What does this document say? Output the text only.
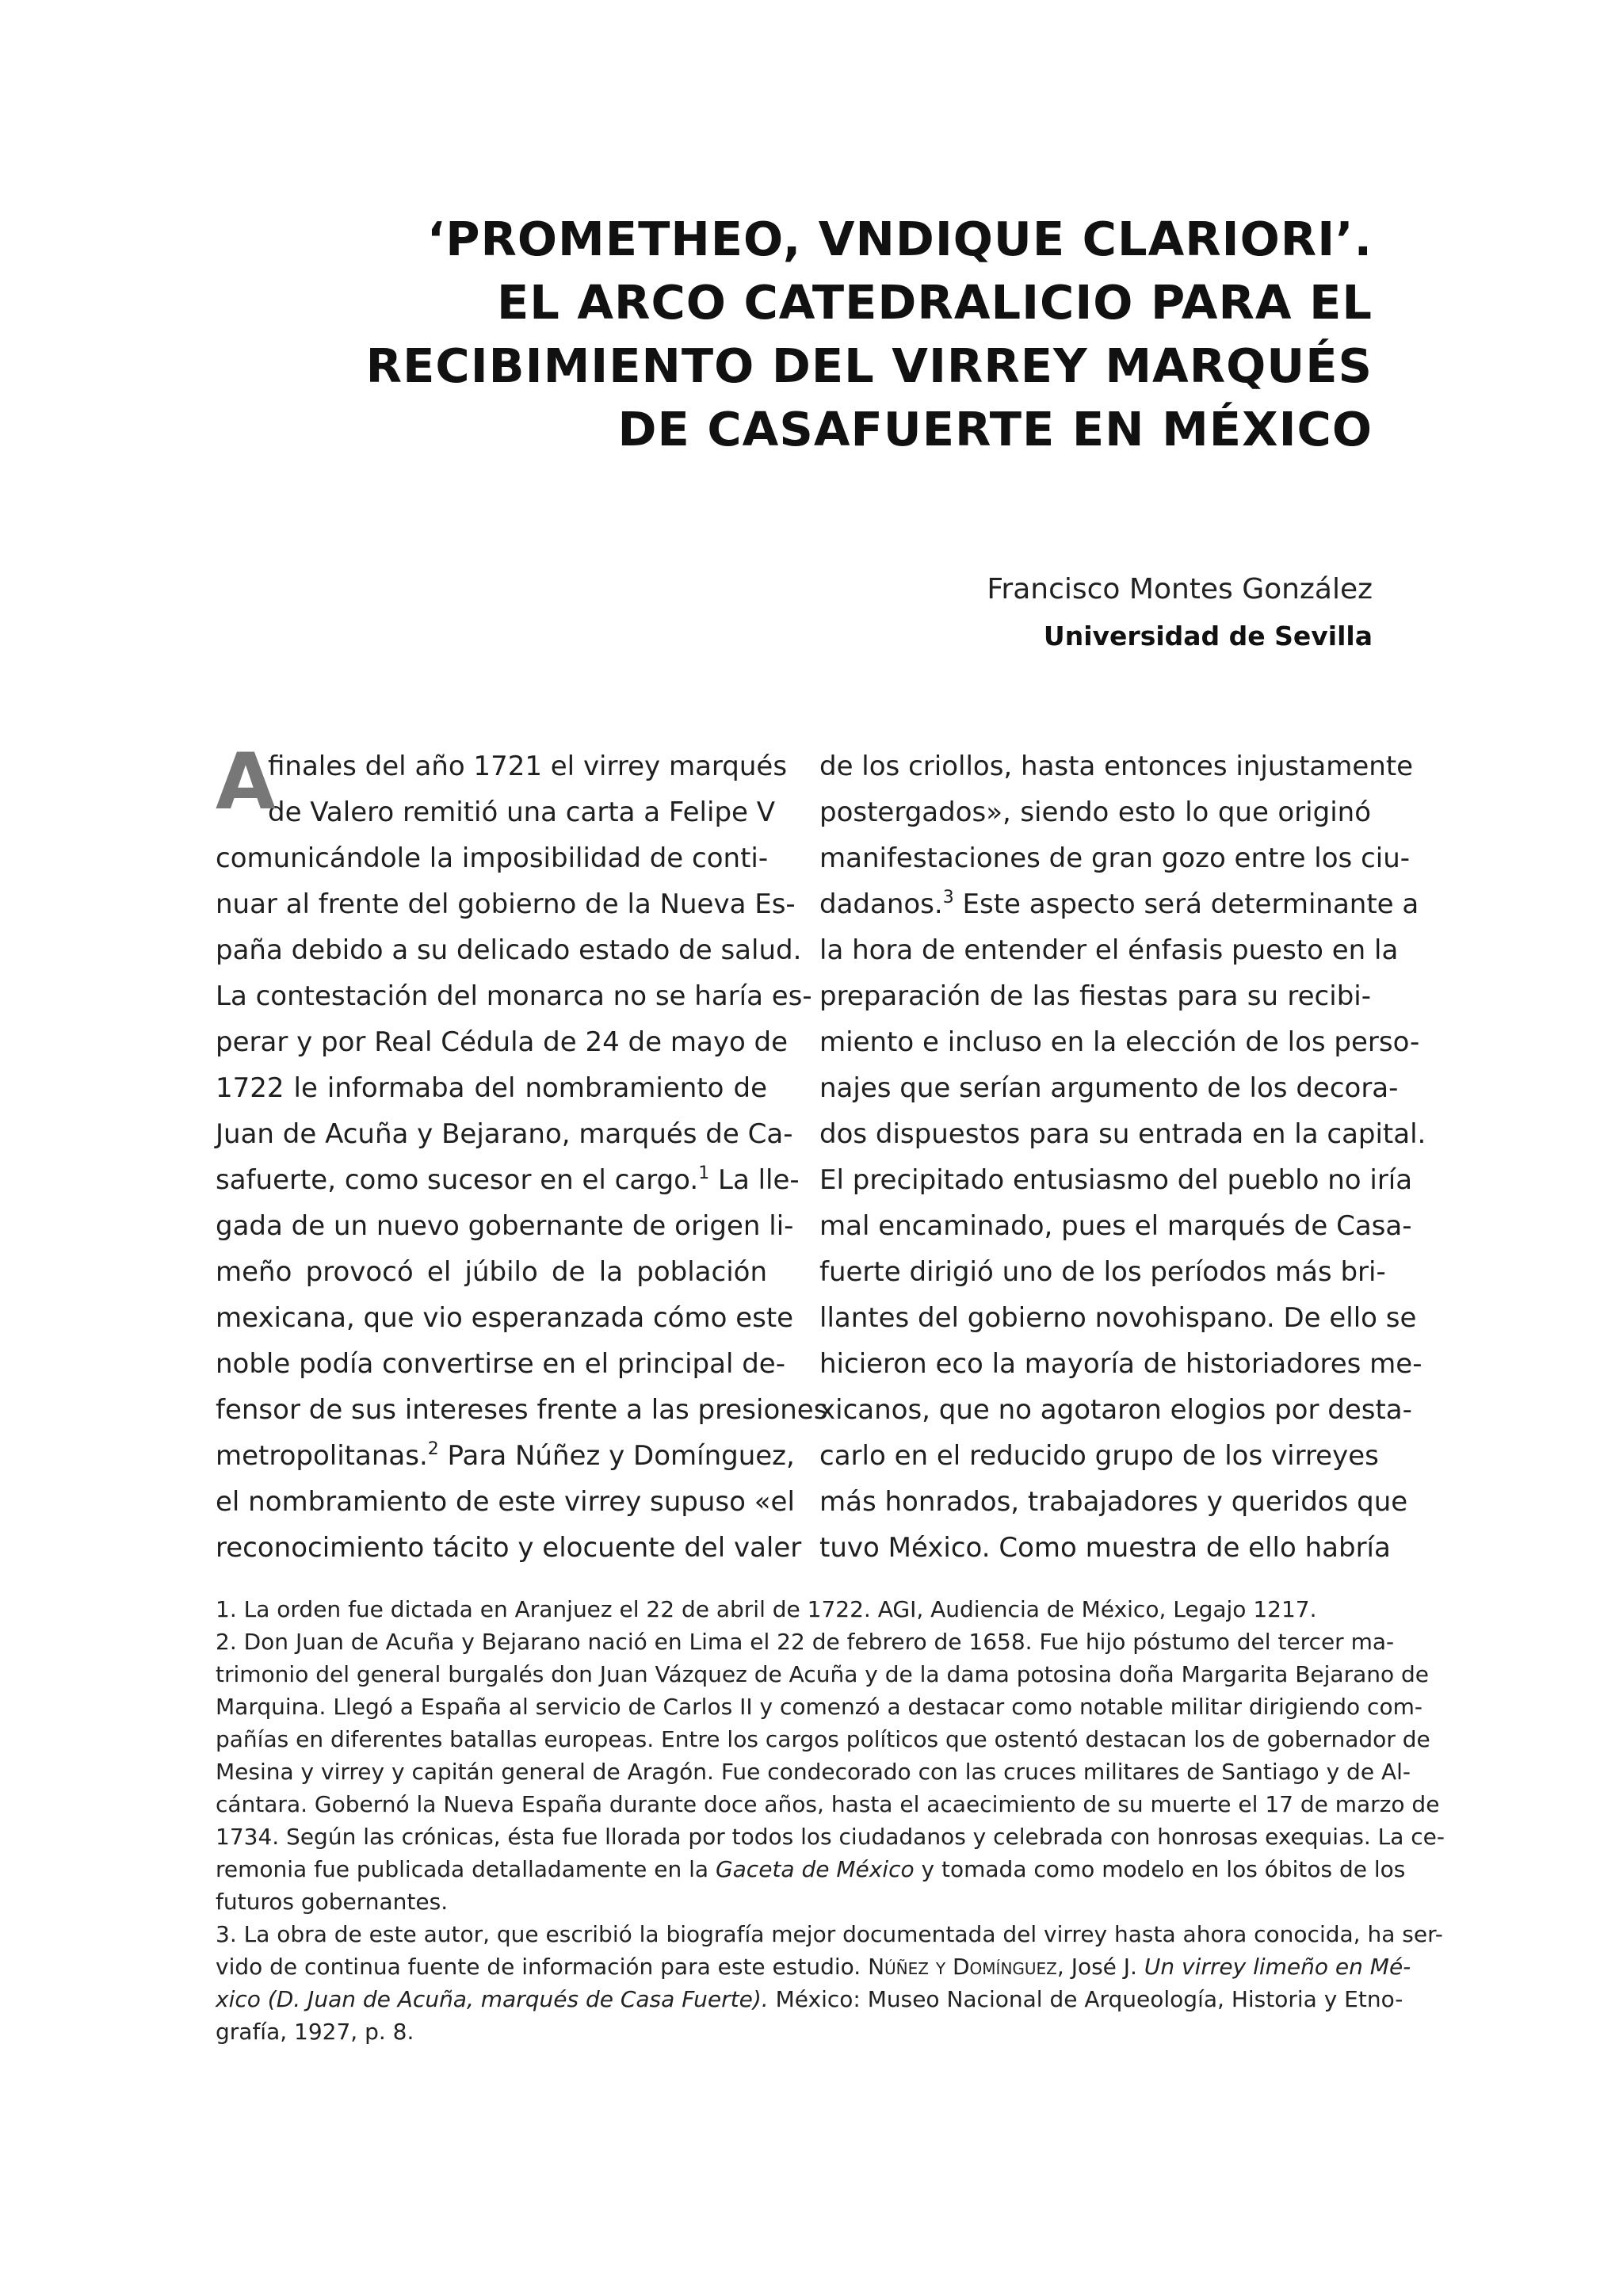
‘PROMETHEO, VNDIQUE CLARIORI’.
EL ARCO CATEDRALICIO PARA EL
RECIBIMIENTO DEL VIRREY MARQUÉS
DE CASAFUERTE EN MÉXICO
Francisco Montes González
Universidad de Sevilla
A
finales del año 1721 el virrey marqués
de Valero remitió una carta a Felipe V
comunicándole la imposibilidad de conti-
nuar al frente del gobierno de la Nueva Es-
paña debido a su delicado estado de salud.
La contestación del monarca no se haría es-
perar y por Real Cédula de 24 de mayo de
1722 le informaba del nombramiento de
Juan de Acuña y Bejarano, marqués de Ca-
safuerte, como sucesor en el cargo.$^1$ La lle-
gada de un nuevo gobernante de origen li-
meño provocó el júbilo de la población
mexicana, que vio esperanzada cómo este
noble podía convertirse en el principal de-
fensor de sus intereses frente a las presiones
metropolitanas.$^2$ Para Núñez y Domínguez,
el nombramiento de este virrey supuso «el
reconocimiento tácito y elocuente del valer
de los criollos, hasta entonces injustamente
postergados», siendo esto lo que originó
manifestaciones de gran gozo entre los ciu-
dadanos.$^3$ Este aspecto será determinante a
la hora de entender el énfasis puesto en la
preparación de las fiestas para su recibi-
miento e incluso en la elección de los perso-
najes que serían argumento de los decora-
dos dispuestos para su entrada en la capital.
El precipitado entusiasmo del pueblo no iría
mal encaminado, pues el marqués de Casa-
fuerte dirigió uno de los períodos más bri-
llantes del gobierno novohispano. De ello se
hicieron eco la mayoría de historiadores me-
xicanos, que no agotaron elogios por desta-
carlo en el reducido grupo de los virreyes
más honrados, trabajadores y queridos que
tuvo México. Como muestra de ello habría
1. La orden fue dictada en Aranjuez el 22 de abril de 1722. AGI, Audiencia de México, Legajo 1217.
2. Don Juan de Acuña y Bejarano nació en Lima el 22 de febrero de 1658. Fue hijo póstumo del tercer ma-
trimonio del general burgalés don Juan Vázquez de Acuña y de la dama potosina doña Margarita Bejarano de
Marquina. Llegó a España al servicio de Carlos II y comenzó a destacar como notable militar dirigiendo com-
pañías en diferentes batallas europeas. Entre los cargos políticos que ostentó destacan los de gobernador de
Mesina y virrey y capitán general de Aragón. Fue condecorado con las cruces militares de Santiago y de Al-
cántara. Gobernó la Nueva España durante doce años, hasta el acaecimiento de su muerte el 17 de marzo de
1734. Según las crónicas, ésta fue llorada por todos los ciudadanos y celebrada con honrosas exequias. La ce-
remonia fue publicada detalladamente en la Gaceta de México y tomada como modelo en los óbitos de los
futuros gobernantes.
3. La obra de este autor, que escribió la biografía mejor documentada del virrey hasta ahora conocida, ha ser-
vido de continua fuente de información para este estudio. Núñez y Domínguez, José J. Un virrey limeño en Mé-
xico (D. Juan de Acuña, marqués de Casa Fuerte). México: Museo Nacional de Arqueología, Historia y Etno-
grafía, 1927, p. 8.
